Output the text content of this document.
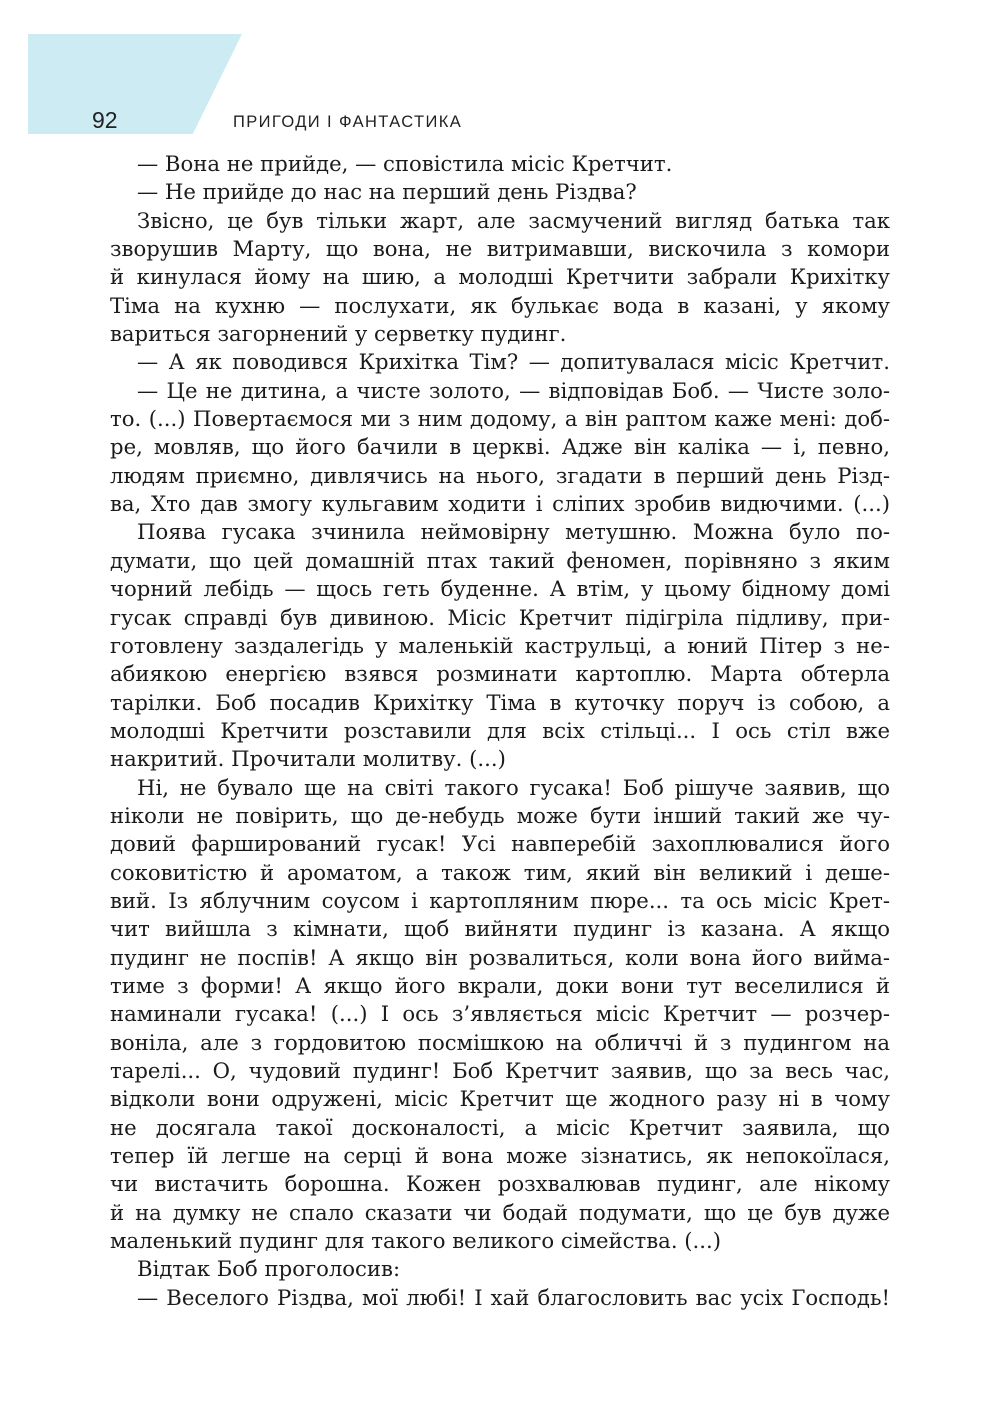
92	ПРИГОДИ І ФАНТАСТИКА
— Вона не прийде, — сповістила місіс Кретчит.
— Не прийде до нас на перший день Різдва?
Звісно, це був тільки жарт, але засмучений вигляд батька так
зворушив Марту, що вона, не витримавши, вискочила з комори
й кинулася йому на шию, а молодші Кретчити забрали Крихітку
Тіма на кухню — послухати, як булькає вода в казані, у якому
вариться загорнений у серветку пудинг.
— А як поводився Крихітка Тім? — допитувалася місіс Кретчит.
— Це не дитина, а чисте золото, — відповідав Боб. — Чисте золо-
то. (...) Повертаємося ми з ним додому, а він раптом каже мені: доб-
ре, мовляв, що його бачили в церкві. Адже він каліка — і, певно,
людям приємно, дивлячись на нього, згадати в перший день Різд-
ва, Хто дав змогу кульгавим ходити і сліпих зробив видючими. (...)
Поява гусака зчинила неймовірну метушню. Можна було по-
думати, що цей домашній птах такий феномен, порівняно з яким
чорний лебідь — щось геть буденне. А втім, у цьому бідному домі
гусак справді був дивиною. Місіс Кретчит підігріла підливу, при-
готовлену заздалегідь у маленькій каструльці, а юний Пітер з не-
абиякою енергією взявся розминати картоплю. Марта обтерла
тарілки. Боб посадив Крихітку Тіма в куточку поруч із собою, а
молодші Кретчити розставили для всіх стільці... І ось стіл вже
накритий. Прочитали молитву. (...)
Ні, не бувало ще на світі такого гусака! Боб рішуче заявив, що
ніколи не повірить, що де-небудь може бути інший такий же чу-
довий фарширований гусак! Усі навперебій захоплювалися його
соковитістю й ароматом, а також тим, який він великий і деше-
вий. Із яблучним соусом і картопляним пюре... та ось місіс Крет-
чит вийшла з кімнати, щоб вийняти пудинг із казана. А якщо
пудинг не поспів! А якщо він розвалиться, коли вона його вийма-
тиме з форми! А якщо його вкрали, доки вони тут веселилися й
наминали гусака! (...) І ось з’являється місіс Кретчит — розчер-
воніла, але з гордовитою посмішкою на обличчі й з пудингом на
тарелі... О, чудовий пудинг! Боб Кретчит заявив, що за весь час,
відколи вони одружені, місіс Кретчит ще жодного разу ні в чому
не досягала такої досконалості, а місіс Кретчит заявила, що
тепер їй легше на серці й вона може зізнатись, як непокоїлася,
чи вистачить борошна. Кожен розхвалював пудинг, але нікому
й на думку не спало сказати чи бодай подумати, що це був дуже
маленький пудинг для такого великого сімейства. (...)
Відтак Боб проголосив:
— Веселого Різдва, мої любі! І хай благословить вас усіх Господь!
